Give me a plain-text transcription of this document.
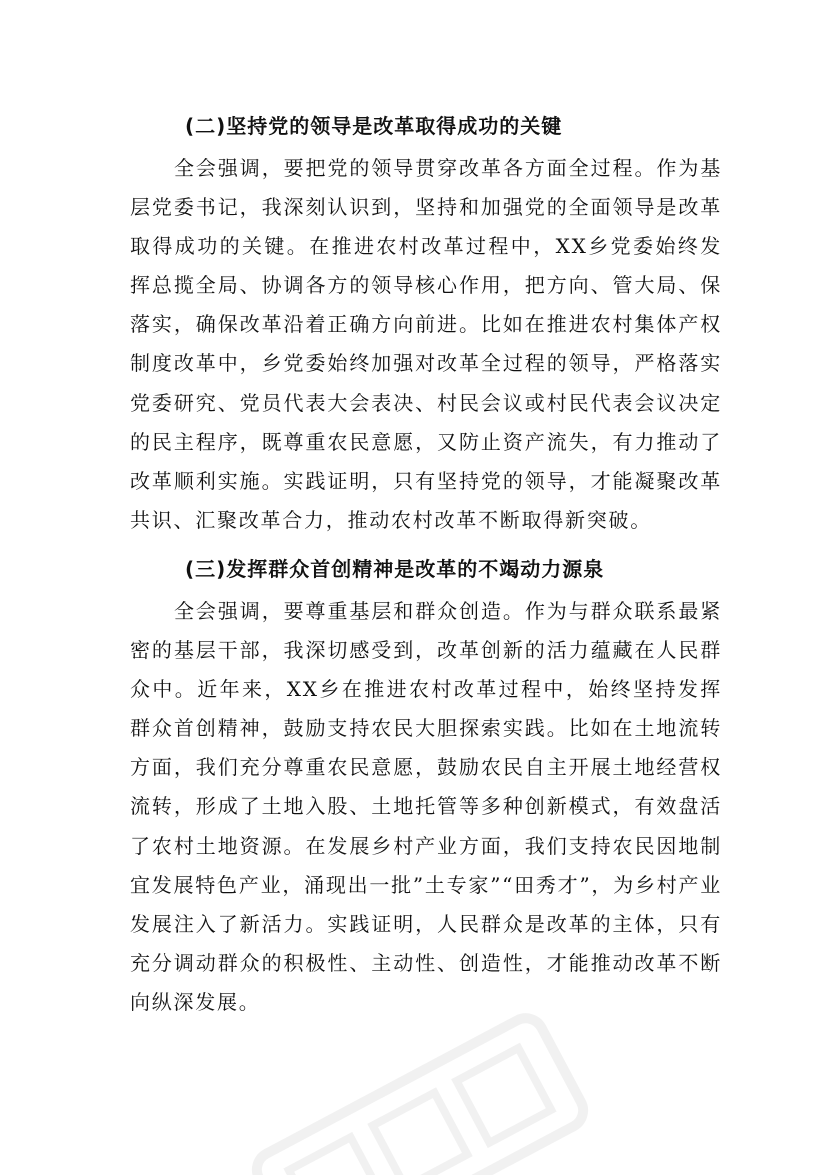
(二)坚持党的领导是改革取得成功的关键

全会强调，要把党的领导贯穿改革各方面全过程。作为基层党委书记，我深刻认识到，坚持和加强党的全面领导是改革取得成功的关键。在推进农村改革过程中，XX乡党委始终发挥总揽全局、协调各方的领导核心作用，把方向、管大局、保落实，确保改革沿着正确方向前进。比如在推进农村集体产权制度改革中，乡党委始终加强对改革全过程的领导，严格落实党委研究、党员代表大会表决、村民会议或村民代表会议决定的民主程序，既尊重农民意愿，又防止资产流失，有力推动了改革顺利实施。实践证明，只有坚持党的领导，才能凝聚改革共识、汇聚改革合力，推动农村改革不断取得新突破。

(三)发挥群众首创精神是改革的不竭动力源泉

全会强调，要尊重基层和群众创造。作为与群众联系最紧密的基层干部，我深切感受到，改革创新的活力蕴藏在人民群众中。近年来，XX乡在推进农村改革过程中，始终坚持发挥群众首创精神，鼓励支持农民大胆探索实践。比如在土地流转方面，我们充分尊重农民意愿，鼓励农民自主开展土地经营权流转，形成了土地入股、土地托管等多种创新模式，有效盘活了农村土地资源。在发展乡村产业方面，我们支持农民因地制宜发展特色产业，涌现出一批”土专家”“田秀才”，为乡村产业发展注入了新活力。实践证明，人民群众是改革的主体，只有充分调动群众的积极性、主动性、创造性，才能推动改革不断向纵深发展。
